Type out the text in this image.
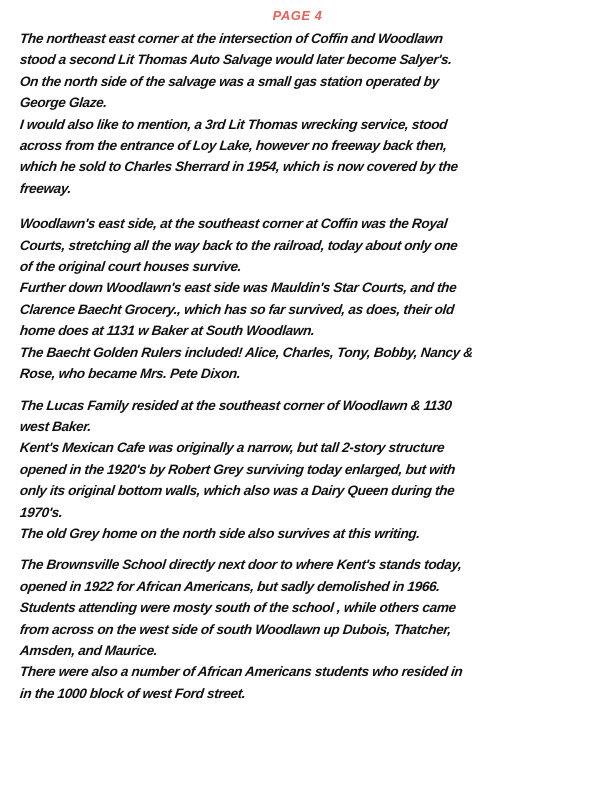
PAGE 4
The northeast east corner at the intersection of Coffin and Woodlawn
stood a second Lit Thomas Auto Salvage would later become Salyer's.
On the north side of the salvage was a small gas station operated by
George Glaze.
I would also like to mention, a 3rd Lit Thomas wrecking service, stood
across from the entrance of Loy Lake, however no freeway back then,
which he sold to Charles Sherrard in 1954, which is now covered by the
freeway.
Woodlawn's east side, at the southeast corner at Coffin was the Royal
Courts, stretching all the way back to the railroad, today about only one
of the original court houses survive.
Further down Woodlawn's east side was Mauldin's Star Courts, and the
Clarence Baecht Grocery., which has so far survived, as does, their old
home does at 1131 w Baker at South Woodlawn.
The Baecht Golden Rulers included! Alice, Charles, Tony, Bobby, Nancy &
Rose, who became Mrs. Pete Dixon.
The Lucas Family resided at the southeast corner of Woodlawn & 1130
west Baker.
Kent's Mexican Cafe was originally a narrow, but tall 2-story structure
opened in the 1920's by Robert Grey surviving today enlarged, but with
only its original bottom walls, which also was a Dairy Queen during the
1970's.
The old Grey home on the north side also survives at this writing.
The Brownsville School directly next door to where Kent's stands today,
opened in 1922 for African Americans, but sadly demolished in 1966.
Students attending were mosty south of the school , while others came
from across on the west side of south Woodlawn up Dubois, Thatcher,
Amsden, and Maurice.
There were also a number of African Americans students who resided in
in the 1000 block of west Ford street.
